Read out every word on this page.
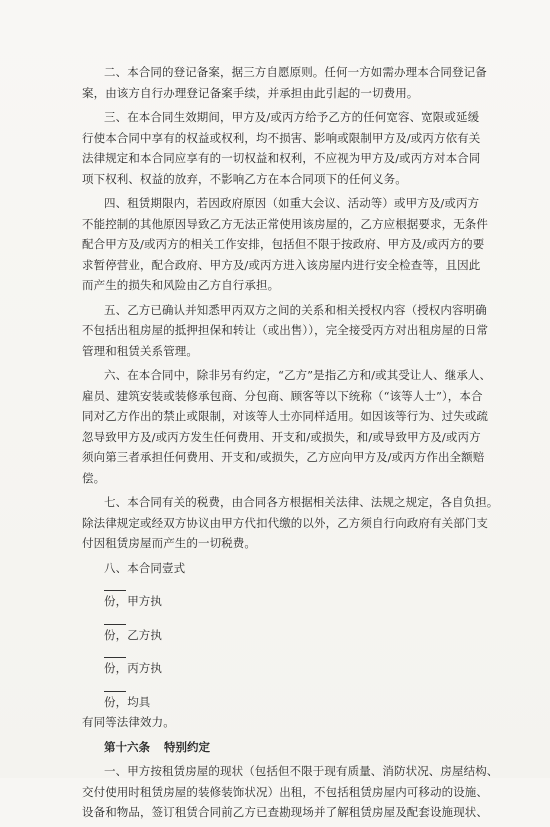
二、本合同的登记备案，据三方自愿原则。任何一方如需办理本合同登记备
案，由该方自行办理登记备案手续，并承担由此引起的一切费用。
三、在本合同生效期间，甲方及/或丙方给予乙方的任何宽容、宽限或延缓
行使本合同中享有的权益或权利，均不损害、影响或限制甲方及/或丙方依有关
法律规定和本合同应享有的一切权益和权利，不应视为甲方及/或丙方对本合同
项下权利、权益的放弃，不影响乙方在本合同项下的任何义务。
四、租赁期限内，若因政府原因（如重大会议、活动等）或甲方及/或丙方
不能控制的其他原因导致乙方无法正常使用该房屋的，乙方应根据要求，无条件
配合甲方及/或丙方的相关工作安排，包括但不限于按政府、甲方及/或丙方的要
求暂停营业，配合政府、甲方及/或丙方进入该房屋内进行安全检查等，且因此
而产生的损失和风险由乙方自行承担。
五、乙方已确认并知悉甲丙双方之间的关系和相关授权内容（授权内容明确
不包括出租房屋的抵押担保和转让（或出售）），完全接受丙方对出租房屋的日常
管理和租赁关系管理。
六、在本合同中，除非另有约定，“乙方”是指乙方和/或其受让人、继承人、
雇员、建筑安装或装修承包商、分包商、顾客等以下统称（“该等人士”），本合
同对乙方作出的禁止或限制，对该等人士亦同样适用。如因该等行为、过失或疏
忽导致甲方及/或丙方发生任何费用、开支和/或损失，和/或导致甲方及/或丙方
须向第三者承担任何费用、开支和/或损失，乙方应向甲方及/或丙方作出全额赔
偿。
七、本合同有关的税费，由合同各方根据相关法律、法规之规定，各自负担。
除法律规定或经双方协议由甲方代扣代缴的以外，乙方须自行向政府有关部门支
付因租赁房屋而产生的一切税费。
八、本合同壹式
份，甲方执
份，乙方执
份，丙方执
份，均具
有同等法律效力。
第十六条 特别约定
一、甲方按租赁房屋的现状（包括但不限于现有质量、消防状况、房屋结构、
交付使用时租赁房屋的装修装饰状况）出租，不包括租赁房屋内可移动的设施、
设备和物品，签订租赁合同前乙方已查勘现场并了解租赁房屋及配套设施现状、
